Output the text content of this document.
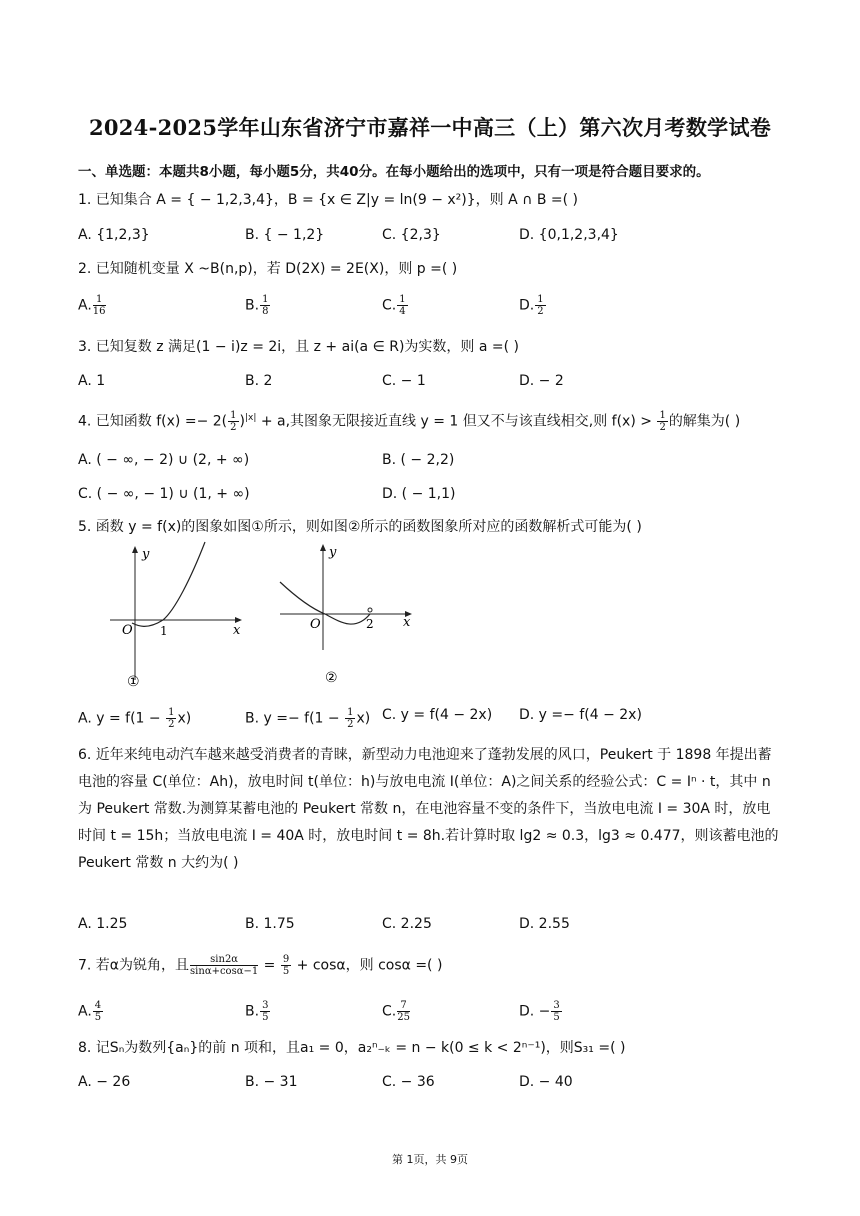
2024-2025学年山东省济宁市嘉祥一中高三（上）第六次月考数学试卷
一、单选题：本题共8小题，每小题5分，共40分。在每小题给出的选项中，只有一项是符合题目要求的。
1. 已知集合 A = { − 1,2,3,4}，B = {x ∈ Z|y = ln(9 − x²)}，则 A ∩ B =( )
A. {1,2,3}	B. { − 1,2}	C. {2,3}	D. {0,1,2,3,4}
2. 已知随机变量 X ~B(n,p)，若 D(2X) = 2E(X)，则 p =( )
A. $\frac{1}{16}$	B. $\frac{1}{8}$	C. $\frac{1}{4}$	D. $\frac{1}{2}$
3. 已知复数 z 满足(1 − i)z = 2i，且 z + ai(a ∈ R)为实数，则 a =( )
A. 1	B. 2	C. − 1	D. − 2
4. 已知函数 $f(x) =- 2( \frac{1}{2} )^{|x|} + a$,其图象无限接近直线 y = 1 但又不与该直线相交,则 $f(x) > \frac{1}{2}$ 的解集为( )
A. ( − ∞, − 2) ∪ (2, + ∞)	B. ( − 2,2)
C. ( − ∞, − 1) ∪ (1, + ∞)	D. ( − 1,1)
5. 函数 y = f(x)的图象如图①所示，则如图②所示的函数图象所对应的函数解析式可能为( )
y
x
O 1
①
y
x
O	2
②
A. $y = f(1 - \frac{1}{2} x)$	B. $y =- f(1 - \frac{1}{2} x)$ C. y = f(4 − 2x) D. y =− f(4 − 2x)
6. 近年来纯电动汽车越来越受消费者的青睐，新型动力电池迎来了蓬勃发展的风口，Peukert 于 1898 年提出蓄电池的容量 C(单位：Ah)，放电时间 t(单位：h)与放电电流 I(单位：A)之间关系的经验公式：C = Iⁿ · t，其中 n 为 Peukert 常数.为测算某蓄电池的 Peukert 常数 n，在电池容量不变的条件下，当放电电流 I = 30A 时，放电时间 t = 15h；当放电电流 I = 40A 时，放电时间 t = 8h.若计算时取 lg2 ≈ 0.3，lg3 ≈ 0.477，则该蓄电池的 Peukert 常数 n 大约为( )
A. 1.25	B. 1.75	C. 2.25	D. 2.55
7. 若α为锐角，且 $\frac{\sin 2\alpha}{\sin\alpha+\cos\alpha-1} = \frac{9}{5} + \cos\alpha$，则 cosα =( )
A. $\frac{4}{5}$	B. $\frac{3}{5}$	C. $\frac{7}{25}$	D. − $\frac{3}{5}$
8. 记Sₙ为数列{aₙ}的前 n 项和，且a₁ = 0，a₂ⁿ₋ₖ = n − k(0 ≤ k < 2ⁿ⁻¹)，则S₃₁ =( )
A. − 26	B. − 31	C. − 36	D. − 40
第 1页，共 9页
